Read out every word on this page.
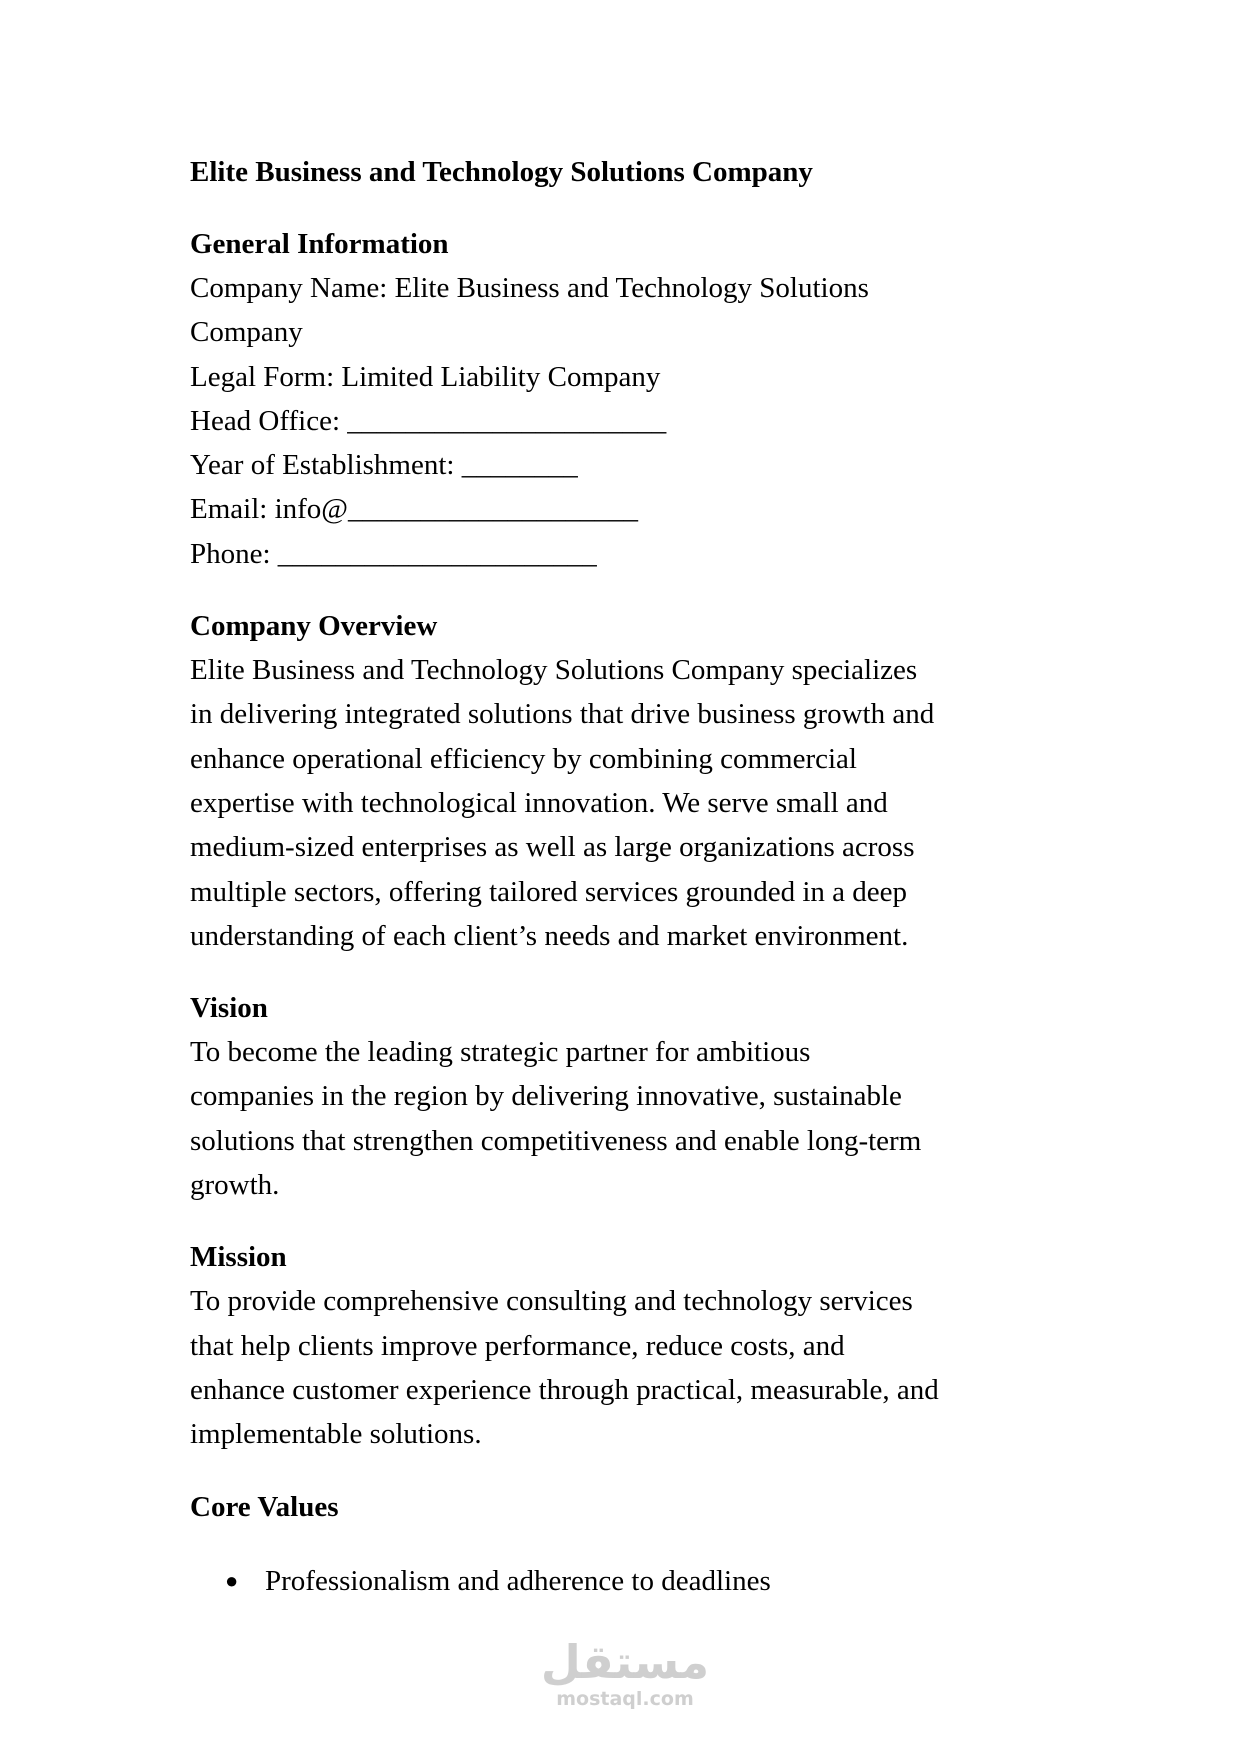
Elite Business and Technology Solutions Company
General Information
Company Name: Elite Business and Technology Solutions
Company
Legal Form: Limited Liability Company
Head Office: ______________________
Year of Establishment: ________
Email: info@____________________
Phone: ______________________
Company Overview
Elite Business and Technology Solutions Company specializes
in delivering integrated solutions that drive business growth and
enhance operational efficiency by combining commercial
expertise with technological innovation. We serve small and
medium-sized enterprises as well as large organizations across
multiple sectors, offering tailored services grounded in a deep
understanding of each client’s needs and market environment.
Vision
To become the leading strategic partner for ambitious
companies in the region by delivering innovative, sustainable
solutions that strengthen competitiveness and enable long-term
growth.
Mission
To provide comprehensive consulting and technology services
that help clients improve performance, reduce costs, and
enhance customer experience through practical, measurable, and
implementable solutions.
Core Values
● Professionalism and adherence to deadlines
مستقل
mostaql.com
